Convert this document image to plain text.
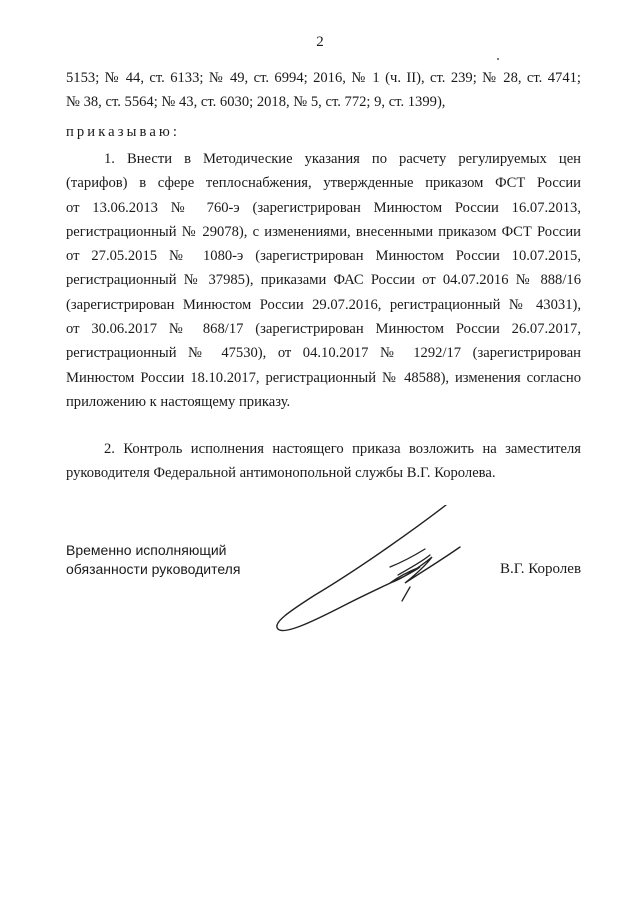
2
5153; № 44, ст. 6133; № 49, ст. 6994; 2016, № 1 (ч. II), ст. 239; № 28, ст. 4741;
№ 38, ст. 5564; № 43, ст. 6030; 2018, № 5, ст. 772; 9, ст. 1399),
приказываю:
1. Внести в Методические указания по расчету регулируемых цен
(тарифов) в сфере теплоснабжения, утвержденные приказом ФСТ России
от 13.06.2013 № 760-э (зарегистрирован Минюстом России 16.07.2013,
регистрационный № 29078), с изменениями, внесенными приказом ФСТ России
от 27.05.2015 № 1080-э (зарегистрирован Минюстом России 10.07.2015,
регистрационный № 37985), приказами ФАС России от 04.07.2016 № 888/16
(зарегистрирован Минюстом России 29.07.2016, регистрационный № 43031),
от 30.06.2017 № 868/17 (зарегистрирован Минюстом России 26.07.2017,
регистрационный № 47530), от 04.10.2017 № 1292/17 (зарегистрирован
Минюстом России 18.10.2017, регистрационный № 48588), изменения согласно
приложению к настоящему приказу.
2. Контроль исполнения настоящего приказа возложить на заместителя
руководителя Федеральной антимонопольной службы В.Г. Королева.
Временно исполняющий
обязанности руководителя	В.Г. Королев
